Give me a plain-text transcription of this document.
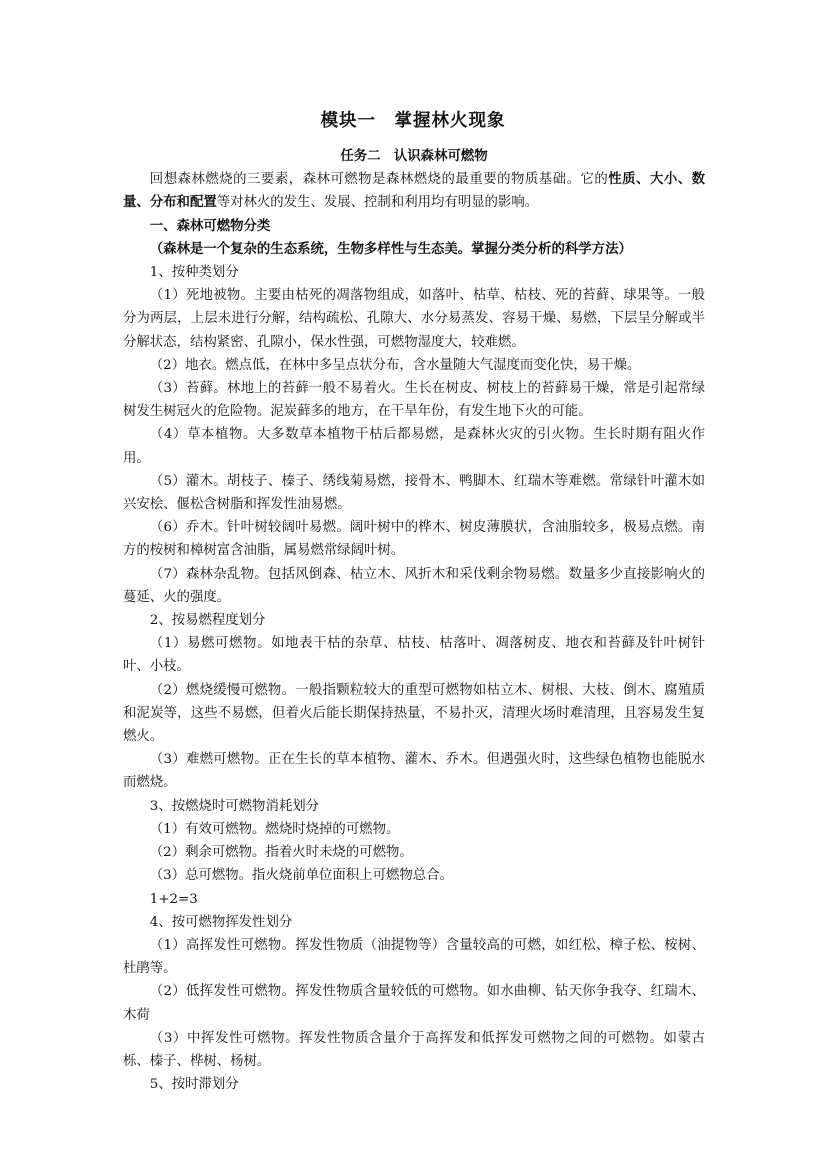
模块一　掌握林火现象

任务二　认识森林可燃物

回想森林燃烧的三要素，森林可燃物是森林燃烧的最重要的物质基础。它的性质、大小、数量、分布和配置等对林火的发生、发展、控制和利用均有明显的影响。

一、森林可燃物分类

（森林是一个复杂的生态系统，生物多样性与生态美。掌握分类分析的科学方法）

1、按种类划分

（1）死地被物。主要由枯死的凋落物组成，如落叶、枯草、枯枝、死的苔藓、球果等。一般分为两层，上层未进行分解，结构疏松、孔隙大、水分易蒸发、容易干燥、易燃，下层呈分解或半分解状态，结构紧密、孔隙小，保水性强，可燃物湿度大，较难燃。

（2）地衣。燃点低，在林中多呈点状分布，含水量随大气湿度而变化快，易干燥。

（3）苔藓。林地上的苔藓一般不易着火。生长在树皮、树枝上的苔藓易干燥，常是引起常绿树发生树冠火的危险物。泥炭藓多的地方，在干旱年份，有发生地下火的可能。

（4）草本植物。大多数草本植物干枯后都易燃，是森林火灾的引火物。生长时期有阻火作用。

（5）灌木。胡枝子、榛子、绣线菊易燃，接骨木、鸭脚木、红瑞木等难燃。常绿针叶灌木如兴安桧、偃松含树脂和挥发性油易燃。

（6）乔木。针叶树较阔叶易燃。阔叶树中的桦木、树皮薄膜状，含油脂较多，极易点燃。南方的桉树和樟树富含油脂，属易燃常绿阔叶树。

（7）森林杂乱物。包括风倒森、枯立木、风折木和采伐剩余物易燃。数量多少直接影响火的蔓延、火的强度。

2、按易燃程度划分

（1）易燃可燃物。如地表干枯的杂草、枯枝、枯落叶、凋落树皮、地衣和苔藓及针叶树针叶、小枝。

（2）燃烧缓慢可燃物。一般指颗粒较大的重型可燃物如枯立木、树根、大枝、倒木、腐殖质和泥炭等，这些不易燃，但着火后能长期保持热量，不易扑灭，清理火场时难清理，且容易发生复燃火。

（3）难燃可燃物。正在生长的草本植物、灌木、乔木。但遇强火时，这些绿色植物也能脱水而燃烧。

3、按燃烧时可燃物消耗划分

（1）有效可燃物。燃烧时烧掉的可燃物。

（2）剩余可燃物。指着火时未烧的可燃物。

（3）总可燃物。指火烧前单位面积上可燃物总合。

1+2=3

4、按可燃物挥发性划分

（1）高挥发性可燃物。挥发性物质（油提物等）含量较高的可燃，如红松、樟子松、桉树、杜鹃等。

（2）低挥发性可燃物。挥发性物质含量较低的可燃物。如水曲柳、钻天你争我夺、红瑞木、木荷

（3）中挥发性可燃物。挥发性物质含量介于高挥发和低挥发可燃物之间的可燃物。如蒙古栎、榛子、桦树、杨树。

5、按时滞划分
